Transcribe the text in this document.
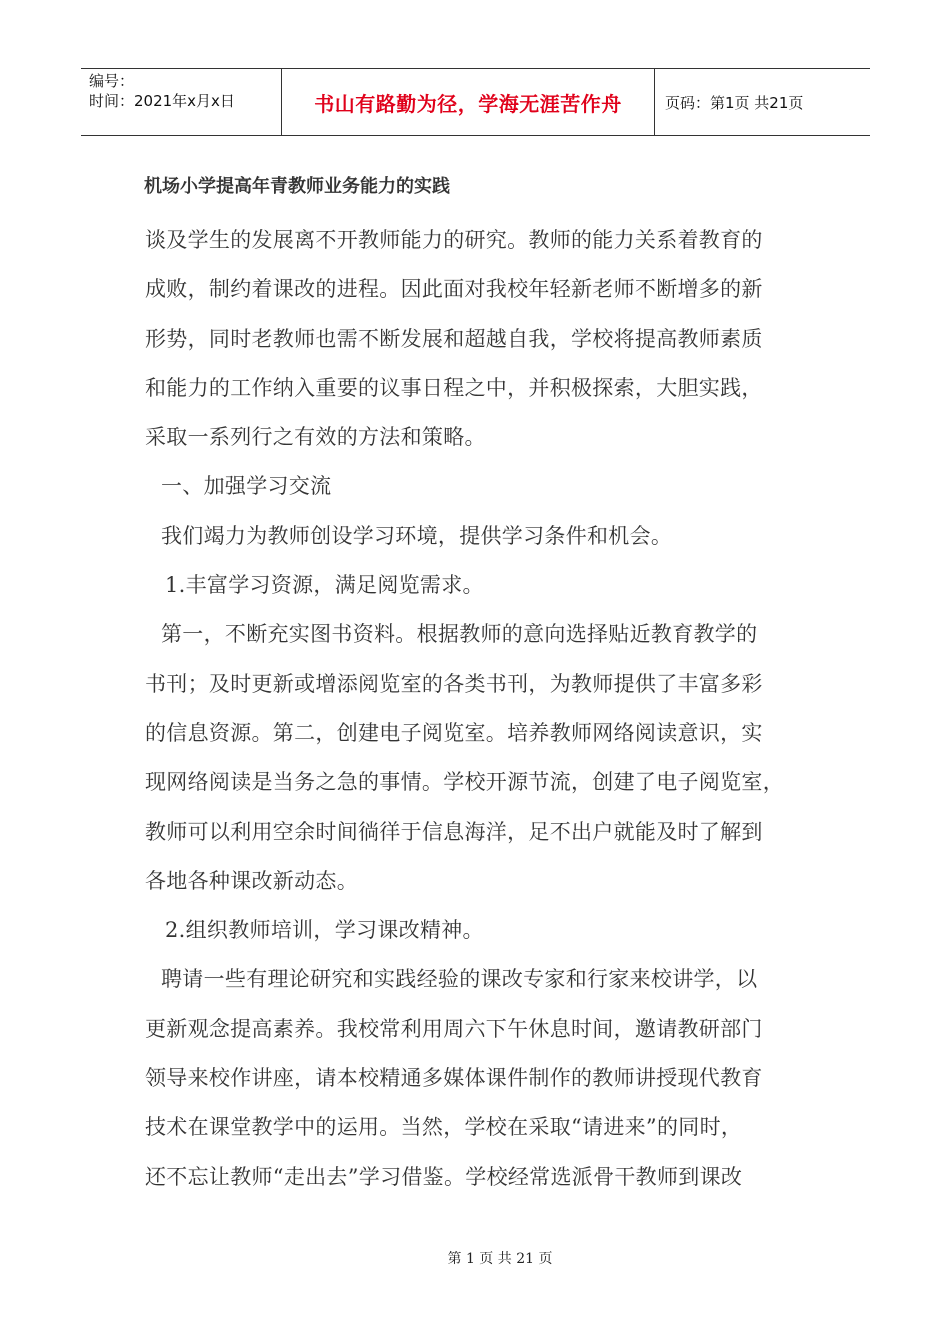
编号：
时间：2021年x月x日	书山有路勤为径，学海无涯苦作舟	页码：第1页 共21页
机场小学提高年青教师业务能力的实践

谈及学生的发展离不开教师能力的研究。教师的能力关系着教育的

成败，制约着课改的进程。因此面对我校年轻新老师不断增多的新

形势，同时老教师也需不断发展和超越自我，学校将提高教师素质

和能力的工作纳入重要的议事日程之中，并积极探索，大胆实践，

采取一系列行之有效的方法和策略。

一、加强学习交流

我们竭力为教师创设学习环境，提供学习条件和机会。

1.丰富学习资源，满足阅览需求。

第一，不断充实图书资料。根据教师的意向选择贴近教育教学的

书刊；及时更新或增添阅览室的各类书刊，为教师提供了丰富多彩

的信息资源。第二，创建电子阅览室。培养教师网络阅读意识，实

现网络阅读是当务之急的事情。学校开源节流，创建了电子阅览室，

教师可以利用空余时间徜徉于信息海洋，足不出户就能及时了解到

各地各种课改新动态。

2.组织教师培训，学习课改精神。

聘请一些有理论研究和实践经验的课改专家和行家来校讲学，以

更新观念提高素养。我校常利用周六下午休息时间，邀请教研部门

领导来校作讲座，请本校精通多媒体课件制作的教师讲授现代教育

技术在课堂教学中的运用。当然，学校在采取“请进来”的同时，

还不忘让教师“走出去”学习借鉴。学校经常选派骨干教师到课改

第 1 页 共 21 页
